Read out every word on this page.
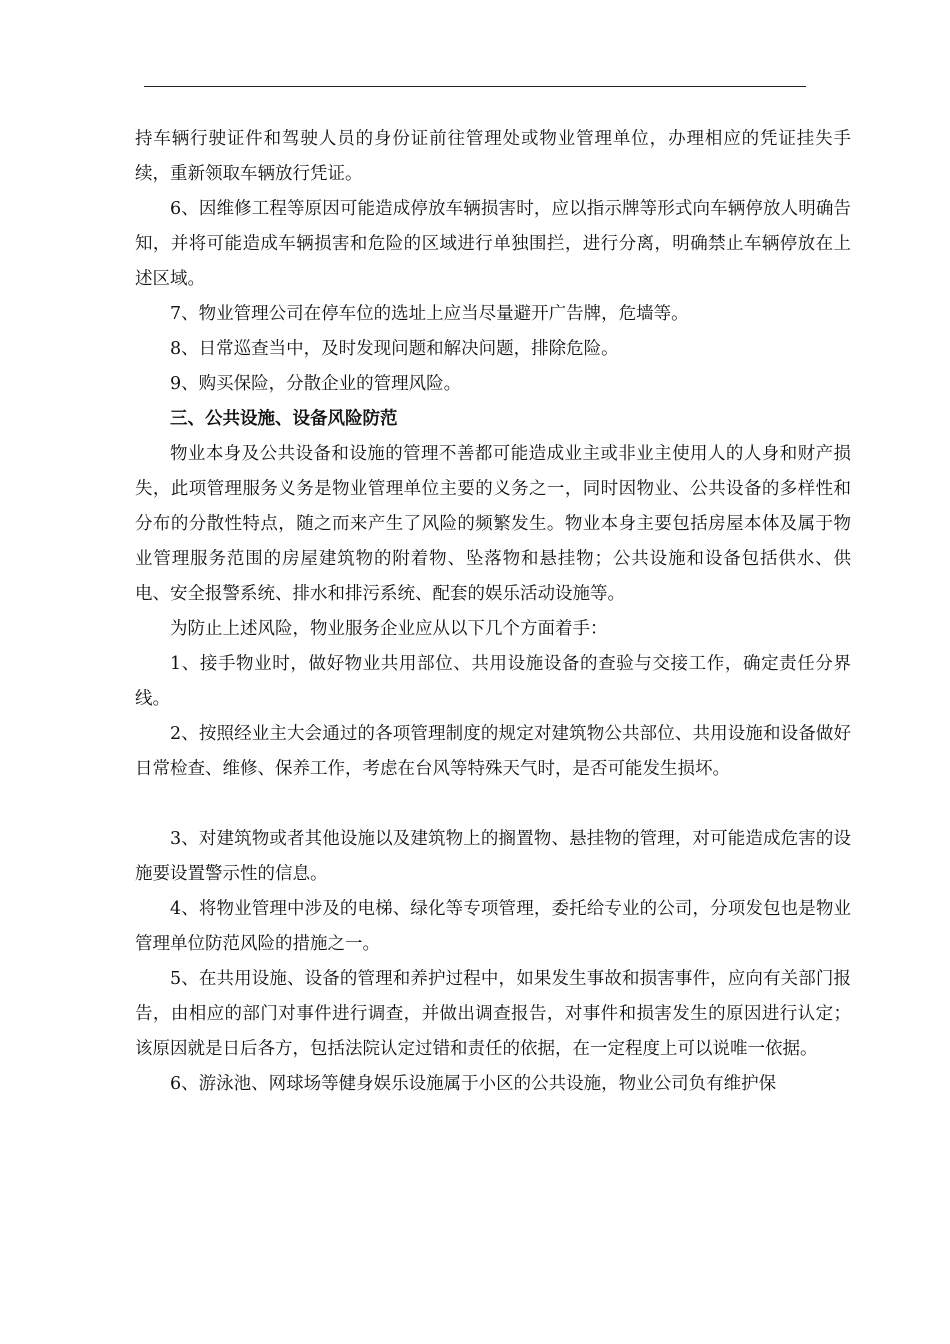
持车辆行驶证件和驾驶人员的身份证前往管理处或物业管理单位，办理相应的凭证挂失手续，重新领取车辆放行凭证。

6、因维修工程等原因可能造成停放车辆损害时，应以指示牌等形式向车辆停放人明确告知，并将可能造成车辆损害和危险的区域进行单独围拦，进行分离，明确禁止车辆停放在上述区域。

7、物业管理公司在停车位的选址上应当尽量避开广告牌，危墙等。

8、日常巡查当中，及时发现问题和解决问题，排除危险。

9、购买保险，分散企业的管理风险。

三、公共设施、设备风险防范

物业本身及公共设备和设施的管理不善都可能造成业主或非业主使用人的人身和财产损失，此项管理服务义务是物业管理单位主要的义务之一，同时因物业、公共设备的多样性和分布的分散性特点，随之而来产生了风险的频繁发生。物业本身主要包括房屋本体及属于物业管理服务范围的房屋建筑物的附着物、坠落物和悬挂物；公共设施和设备包括供水、供电、安全报警系统、排水和排污系统、配套的娱乐活动设施等。

为防止上述风险，物业服务企业应从以下几个方面着手：

1、接手物业时，做好物业共用部位、共用设施设备的查验与交接工作，确定责任分界线。

2、按照经业主大会通过的各项管理制度的规定对建筑物公共部位、共用设施和设备做好日常检查、维修、保养工作，考虑在台风等特殊天气时，是否可能发生损坏。

3、对建筑物或者其他设施以及建筑物上的搁置物、悬挂物的管理，对可能造成危害的设施要设置警示性的信息。

4、将物业管理中涉及的电梯、绿化等专项管理，委托给专业的公司，分项发包也是物业管理单位防范风险的措施之一。

5、在共用设施、设备的管理和养护过程中，如果发生事故和损害事件，应向有关部门报告，由相应的部门对事件进行调查，并做出调查报告，对事件和损害发生的原因进行认定；该原因就是日后各方，包括法院认定过错和责任的依据，在一定程度上可以说唯一依据。

6、游泳池、网球场等健身娱乐设施属于小区的公共设施，物业公司负有维护保
